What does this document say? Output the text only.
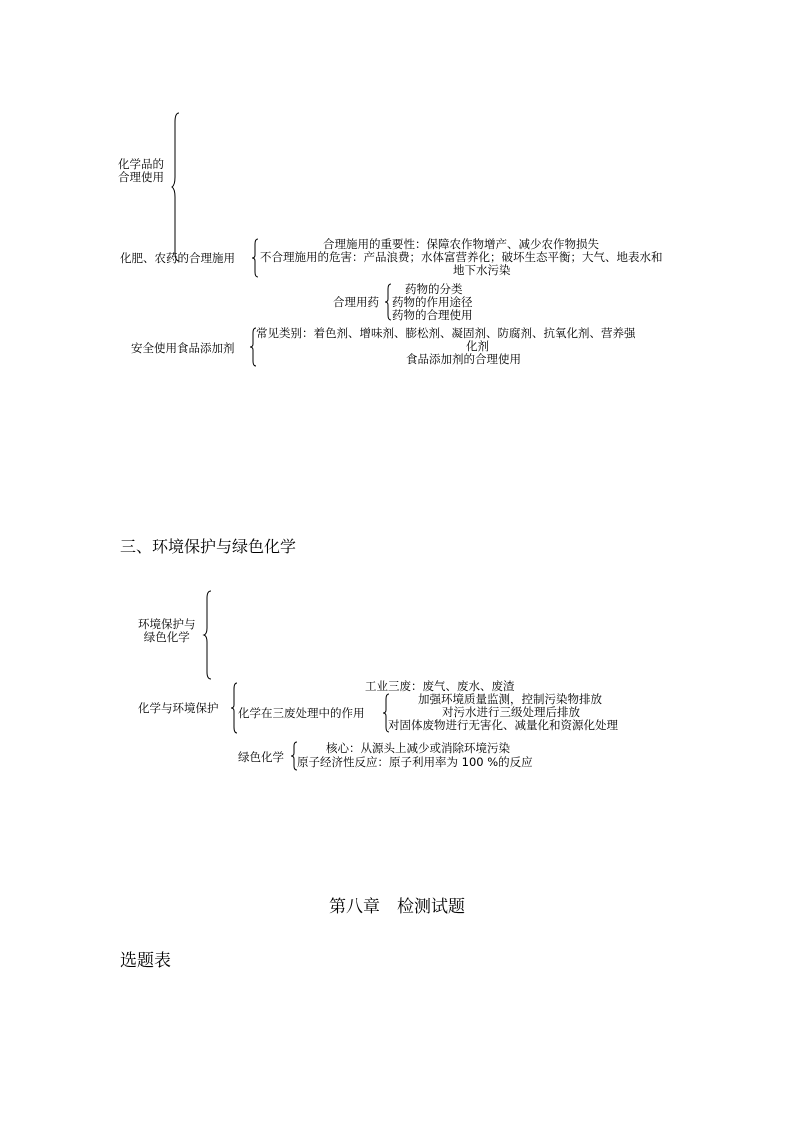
化学品的
合理使用
化肥、农药的合理施用
合理施用的重要性：保障农作物增产、减少农作物损失
不合理施用的危害：产品浪费；水体富营养化；破坏生态平衡；大气、地表水和
地下水污染
合理用药
药物的分类
药物的作用途径
药物的合理使用
安全使用食品添加剂
常见类别：着色剂、增味剂、膨松剂、凝固剂、防腐剂、抗氧化剂、营养强
化剂
食品添加剂的合理使用
三、环境保护与绿色化学
环境保护与
绿色化学
化学与环境保护
工业三废：废气、废水、废渣
化学在三废处理中的作用
加强环境质量监测，控制污染物排放
对污水进行三级处理后排放
对固体废物进行无害化、减量化和资源化处理
绿色化学
核心：从源头上减少或消除环境污染
原子经济性反应：原子利用率为 100 %的反应
第八章　检测试题
选题表
